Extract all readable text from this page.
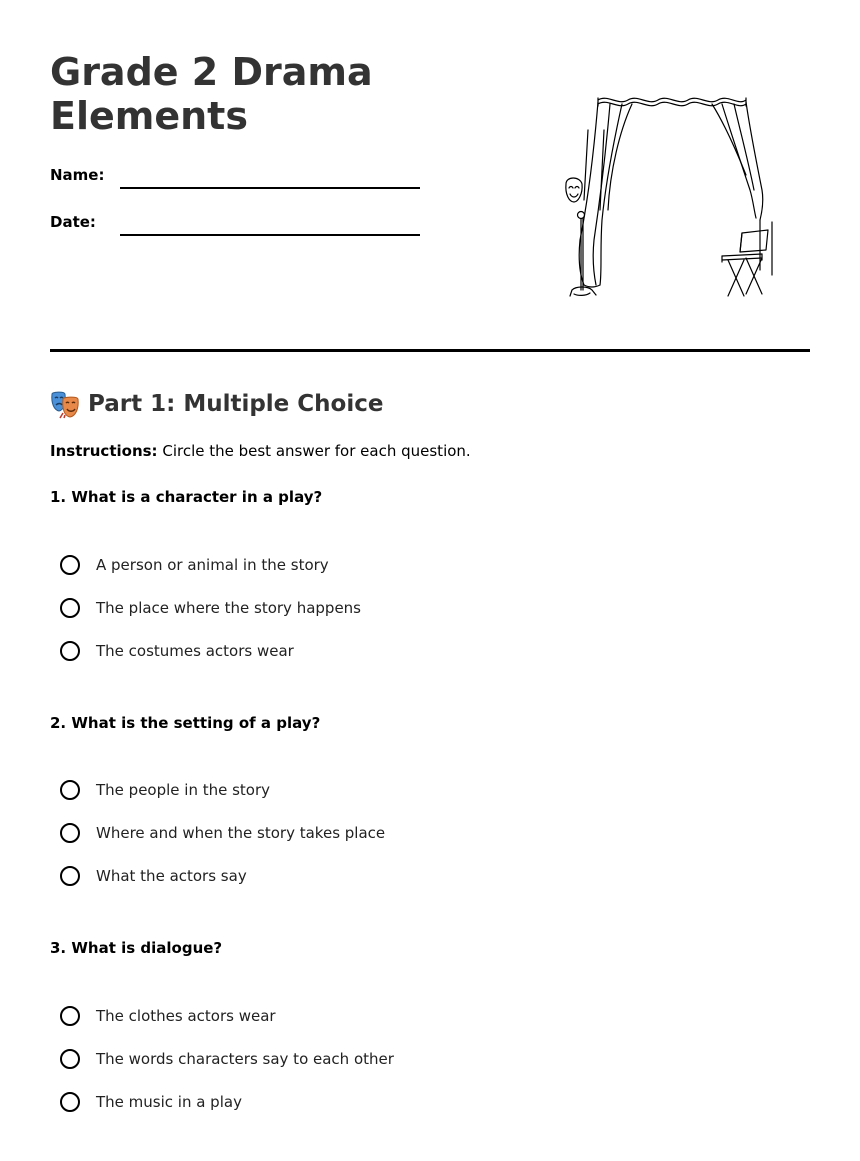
Grade 2 Drama Elements
Name:
Date:
Part 1: Multiple Choice

Instructions: Circle the best answer for each question.

1. What is a character in a play?

A person or animal in the story
The place where the story happens
The costumes actors wear

2. What is the setting of a play?

The people in the story
Where and when the story takes place
What the actors say

3. What is dialogue?

The clothes actors wear
The words characters say to each other
The music in a play
